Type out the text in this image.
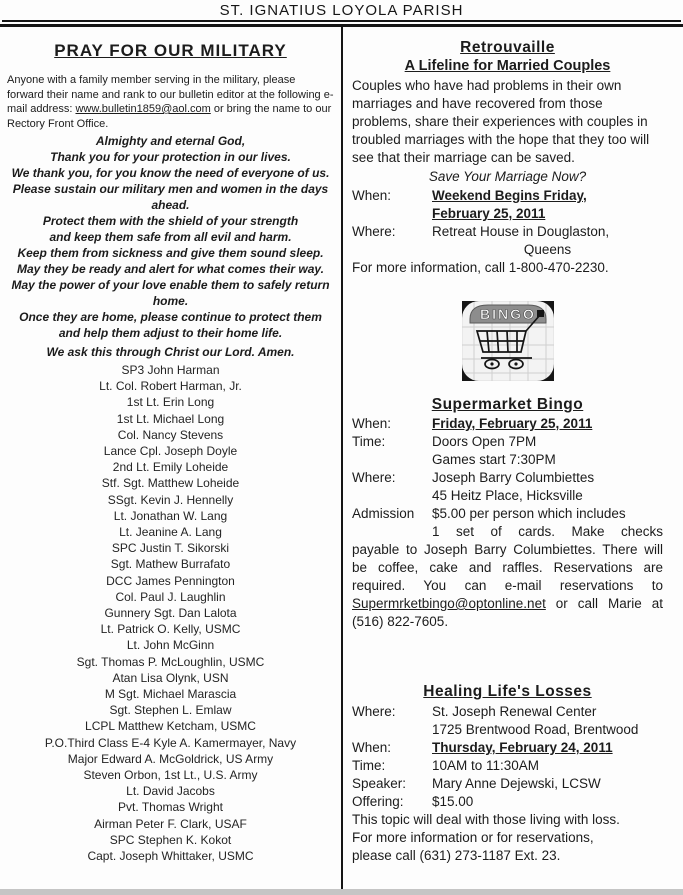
ST. IGNATIUS LOYOLA PARISH
PRAY FOR OUR MILITARY
Anyone with a family member serving in the military, please forward their name and rank to our bulletin editor at the following e-mail address: www.bulletin1859@aol.com or bring the name to our Rectory Front Office.
Almighty and eternal God,
Thank you for your protection in our lives.
We thank you, for you know the need of everyone of us.
Please sustain our military men and women in the days ahead.
Protect them with the shield of your strength
and keep them safe from all evil and harm.
Keep them from sickness and give them sound sleep.
May they be ready and alert for what comes their way.
May the power of your love enable them to safely return home.
Once they are home, please continue to protect them
and help them adjust to their home life.
We ask this through Christ our Lord. Amen.
SP3 John Harman
Lt. Col. Robert Harman, Jr.
1st Lt. Erin Long
1st Lt. Michael Long
Col. Nancy Stevens
Lance Cpl. Joseph Doyle
2nd Lt. Emily Loheide
Stf. Sgt. Matthew Loheide
SSgt. Kevin J. Hennelly
Lt. Jonathan W. Lang
Lt. Jeanine A. Lang
SPC Justin T. Sikorski
Sgt. Mathew Burrafato
DCC James Pennington
Col. Paul J. Laughlin
Gunnery Sgt. Dan Lalota
Lt. Patrick O. Kelly, USMC
Lt. John McGinn
Sgt. Thomas P. McLoughlin, USMC
Atan Lisa Olynk, USN
M Sgt. Michael Marascia
Sgt. Stephen L. Emlaw
LCPL Matthew Ketcham, USMC
P.O.Third Class E-4 Kyle A. Kamermayer, Navy
Major Edward A. McGoldrick, US Army
Steven Orbon, 1st Lt., U.S. Army
Lt. David Jacobs
Pvt. Thomas Wright
Airman Peter F. Clark, USAF
SPC Stephen K. Kokot
Capt. Joseph Whittaker, USMC
Retrouvaille
A Lifeline for Married Couples
Couples who have had problems in their own marriages and have recovered from those problems, share their experiences with couples in troubled marriages with the hope that they too will see that their marriage can be saved.
Save Your Marriage Now?
When:	Weekend Begins Friday,
February 25, 2011
Where:	Retreat House in Douglaston,
Queens
For more information, call 1-800-470-2230.
BINGO
Supermarket Bingo
When:	Friday, February 25, 2011
Time:	Doors Open 7PM
Games start 7:30PM
Where:	Joseph Barry Columbiettes
45 Heitz Place, Hicksville
Admission	$5.00 per person which includes
1 set of cards. Make checks
payable to Joseph Barry Columbiettes. There will be coffee, cake and raffles. Reservations are required. You can e-mail reservations to Supermrketbingo@optonline.net or call Marie at (516) 822-7605.
Healing Life's Losses
Where:	St. Joseph Renewal Center
1725 Brentwood Road, Brentwood
When:	Thursday, February 24, 2011
Time:	10AM to 11:30AM
Speaker:	Mary Anne Dejewski, LCSW
Offering:	$15.00
This topic will deal with those living with loss.
For more information or for reservations,
please call (631) 273-1187 Ext. 23.
